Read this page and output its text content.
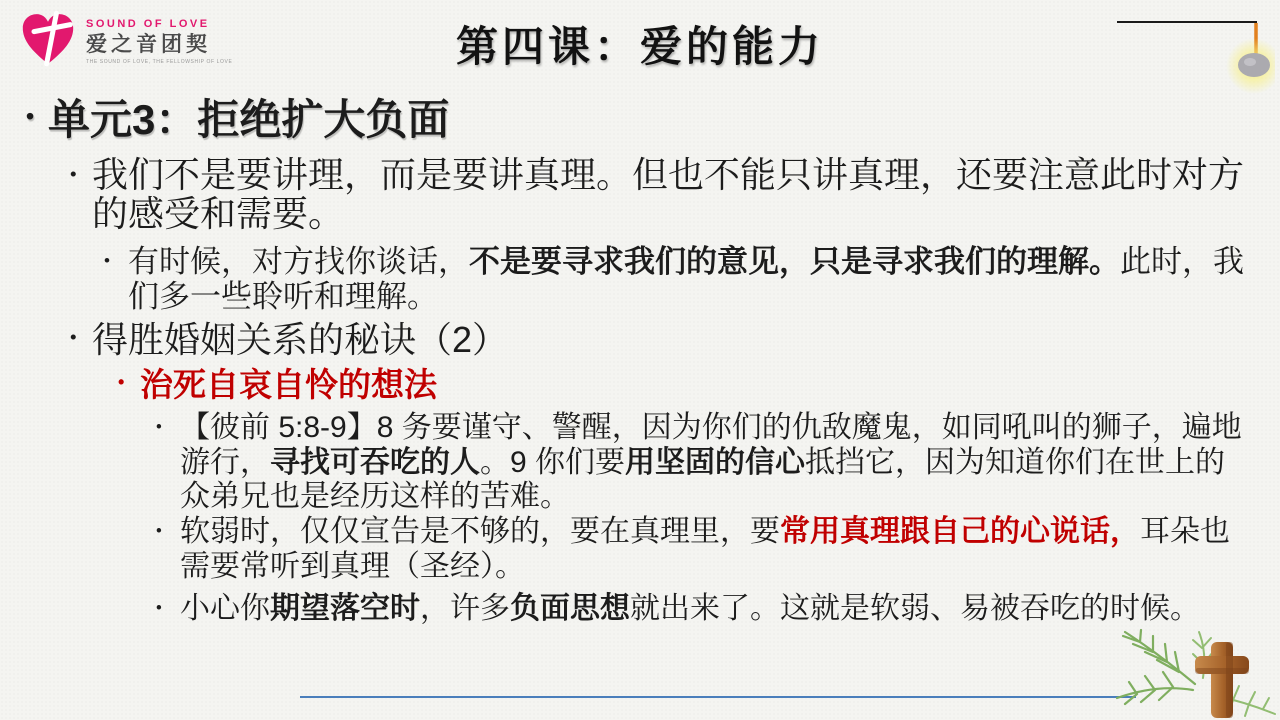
SOUND OF LOVE
爱之音团契
THE SOUND OF LOVE, THE FELLOWSHIP OF LOVE	第四课：爱的能力
• 单元3：拒绝扩大负面

• 我们不是要讲理，而是要讲真理。但也不能只讲真理，还要注意此时对方的感受和需要。

• 有时候，对方找你谈话，不是要寻求我们的意见，只是寻求我们的理解。此时，我们多一些聆听和理解。

• 得胜婚姻关系的秘诀（2）

• 治死自哀自怜的想法

• 【彼前 5:8-9】8 务要谨守、警醒，因为你们的仇敌魔鬼，如同吼叫的狮子，遍地游行，寻找可吞吃的人。9 你们要用坚固的信心抵挡它，因为知道你们在世上的众弟兄也是经历这样的苦难。

• 软弱时，仅仅宣告是不够的，要在真理里，要常用真理跟自己的心说话，耳朵也需要常听到真理（圣经）。

• 小心你期望落空时，许多负面思想就出来了。这就是软弱、易被吞吃的时候。
